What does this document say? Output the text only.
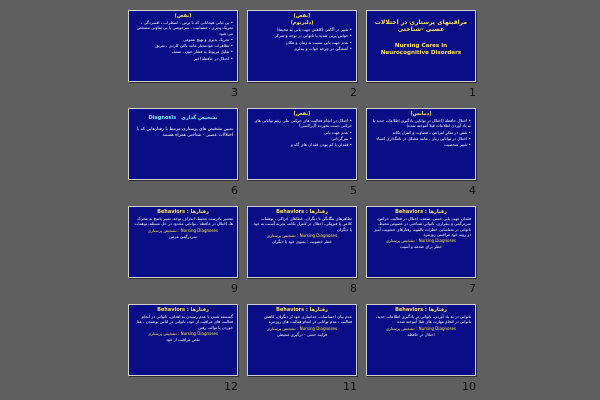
مراقبتهای پرستاری در اختلالات عصبی -شناختی
Nursing Cares in Neurocognitive Disorders
1
(نقص)
(دلیریوم)
• تغییر در آگاهی (کاهش جهت یابی به محیط)
• حواس پرتی شدید یا ناتوانی در توجه و تمرکز
• عدم جهت یابی نسبت به زمان و مکان
• آشفتگی در چرخه خواب و بیداری
2
(نقص)
• بی ثباتی هیجانانی که با ترس ، اضطراب ، افسردگی ، تحریک پذیری ، عصبانیت ، سرخوشی یا بی تفاوتی مشخص می شود
• تحریک پذیری و تهیج عمومی
• تظاهرات خودمختار مانند تاکی کاردی ، تعریق
• تقلیل مربوط به فشار خون ، ضعف
• اختلال در حافظه اخیر
3
(دمانس)
• اختلال حافظه (اختلال در توانایی یادگیری اطلاعات جدید یا به یاد آوردن اطلاعات قبلا آموخته شده)
• نقص در تفکر انتزاعی ، قضاوت و کنترل تکانه
• اختلال در توانایی زبان ، مانند مشکل در نامگذاری اشیاء
• تغییر شخصیت
4
(نقص)
• اختلال در انجام فعالیت های حرکتی علی رغم توانایی های حرکتی دست نخورده (آپراکسی)
• عدم جهت یابی
• سرگردانی
• فقدان یا کم بودن فقدان های گاه و
5
Diagnosis تشخیص گذاری

تعیین تشخیص های پرستاری مرتبط با رفتارهایی که با اختلالات عصبی - شناختی همراه هستند

6
Behaviors : رفتارها

فقدان جهت یابی حسی، ضعف، اختلال در فعالیت حرکتی، سردرگمی و بیقراری، ناتوانی شناختی در خصوص محیط، ناتوانی در شناسایی خطرات بالقوه، رفتارهای خشونت آمیز در روند خود مراقبتی روزمره

Nursing Diagnoses : تشخیص پرستاری

خطر برای صدمه و آسیب

7
Behaviors : رفتارها

تظاهرهای بیگانگی با دیگران، خطاهای ادراکی ، توهمات کلامی یا فیزیکی، اختلال در کنترل تکانه، تجربه آسیب به خود یا دیگران

Nursing Diagnoses : تشخیص پرستاری

خطر خشونت : بسوی خود یا دیگران

8
Behaviors : رفتارها

تفسیر نادرست محیط، انحراف توجه، تغییر پاسخ به محرک ها، اختلال در حافظه ، توانایی محدود در حل مسئله، توهمات

Nursing Diagnoses : تشخیص پرستاری

سردرگمی مزمن

9
Behaviors : رفتارها

ناتوانی در به یاد آوردن، ناتوانی در یادگیری اطلاعات جدید، ناتوانی در انجام مهارت های قبلا آموخته شده

Nursing Diagnoses : تشخیص پرستاری

اختلال در حافظه

10
Behaviors : رفتارها

عدم بیان احساسات، جداسازی خود از دیگران، کاهش فعالیت ، عدم توانایی در انجام فعالیت های روزمره

Nursing Diagnoses : تشخیص پرستاری

فرایند حسی - درگیری محیطی

11
Behaviors : رفتارها

گسسته شدن یا عدم رسیدن به اهداف، ناتوانی در انجام فعالیت های مراقبت از خود، ناتوانی در لباس پوشیدن ، غذا خوردن یا توالت رفتن

Nursing Diagnoses : تشخیص پرستاری

نقص مراقبت از خود

12
